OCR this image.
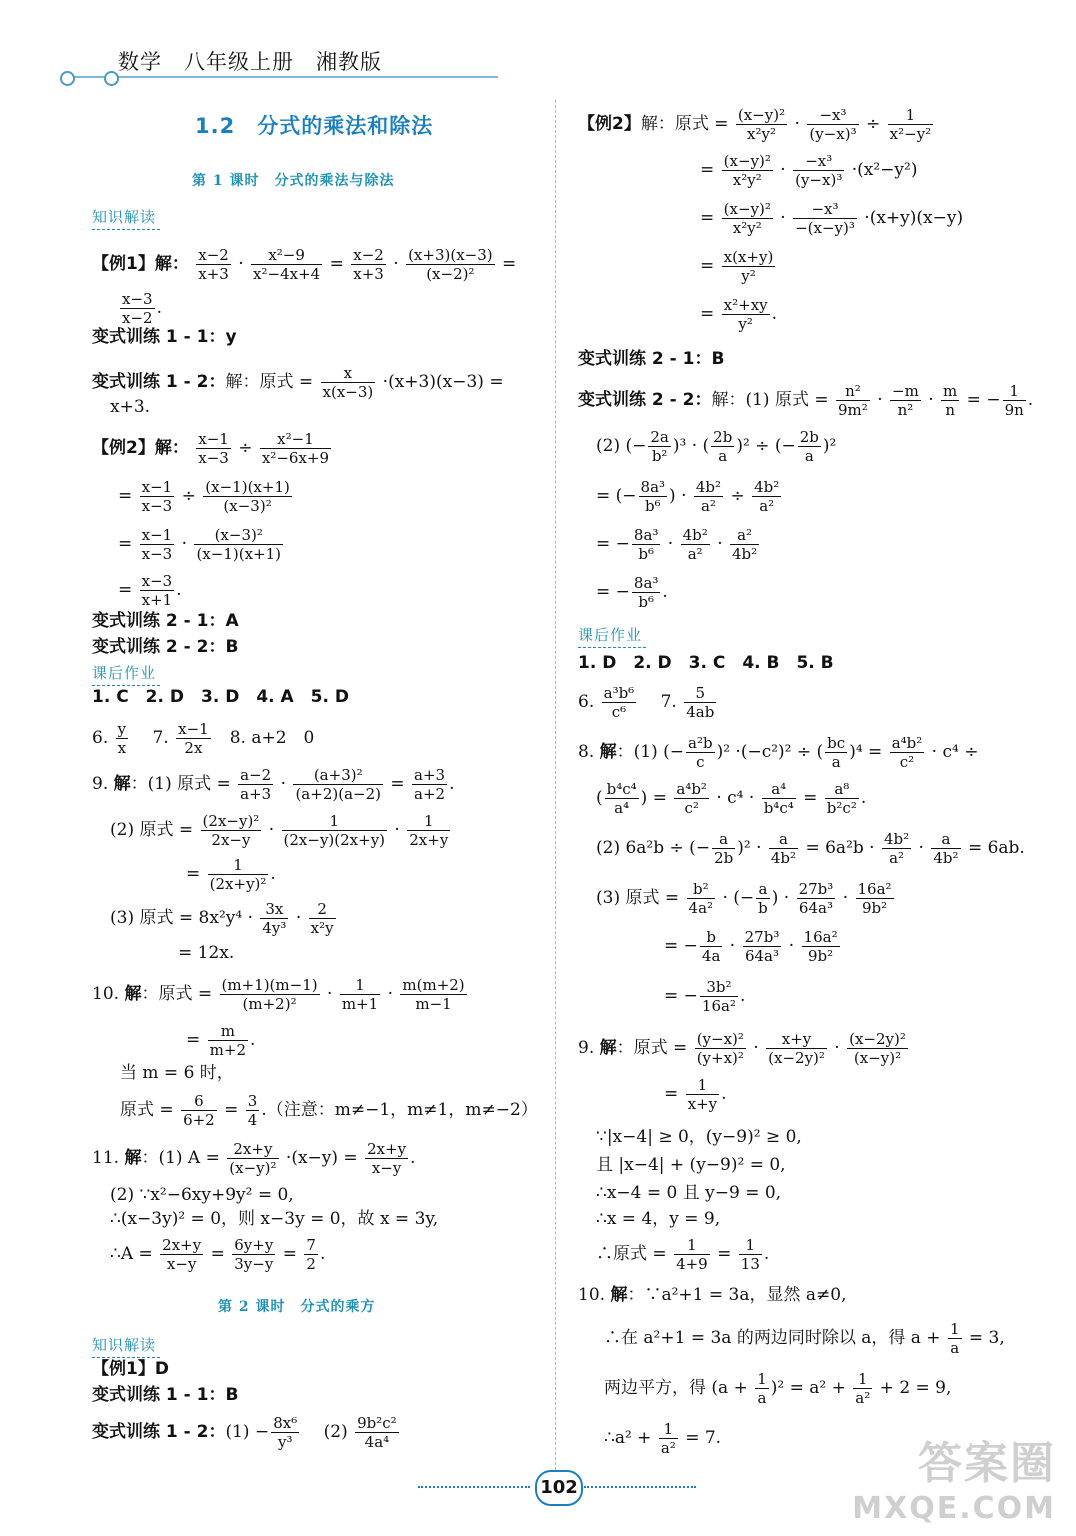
数学　八年级上册　湘教版
1.2　分式的乘法和除法
第 1 课时　分式的乘法与除法
知识解读
【例1】解： $\frac{x-2}{x+3} \cdot \frac{\text{x²−9}}{\text{x²−4x+4}} = \frac{x-2}{x+3} \cdot \frac{(x+3)(x-3)}{\text{(x−2)²}}$ =
$\frac{x-3}{x-2}$ .
变式训练 1 - 1：y
变式训练 1 - 2：解：原式 = $\frac{x}{x(x-3)} \cdot(x+3)(x-3)$ =
x+3.
【例2】解： $\frac{x-1}{x-3} \div \frac{\text{x²−1}}{\text{x²−6x+9}}$
= $\frac{x-1}{x-3} \div \frac{(x-1)(x+1)}{\text{(x−3)²}}$
= $\frac{x-1}{x-3} \cdot \frac{\text{(x−3)²}}{(x-1)(x+1)}$
= $\frac{x-3}{x+1}$ .
变式训练 2 - 1：A
变式训练 2 - 2：B
课后作业
1. C　2. D　3. D　4. A　5. D
6. $\frac{y}{x}$ 　 7. $\frac{x-1}{2x}$ 　8. a+2　0
9. 解：(1) 原式 = $\frac{a-2}{a+3} \cdot \frac{\text{(a+3)²}}{(a+2)(a-2)} = \frac{a+3}{a+2}$ .
(2) 原式 = $\frac{\text{(2x−y)²}}{2x-y} \cdot \frac{1}{(2x-y)(2x+y)} \cdot \frac{1}{2x+y}$
= $\frac{1}{\text{(2x+y)²}}$ .
(3) 原式 = $8x^2y^4 \cdot \frac{3x}{\text{4y³}} \cdot \frac{2}{\text{x²y}}$
= 12x.
10. 解：原式 = $\frac{(m+1)(m-1)}{\text{(m+2)²}} \cdot \frac{1}{m+1} \cdot \frac{m(m+2)}{m-1}$
= $\frac{m}{m+2}$ .
当 m = 6 时，
原式 = $\frac{6}{6+2} = \frac{3}{4}$ .（注意：m≠−1，m≠1，m≠−2）
11. 解：(1) $A = \frac{2x+y}{\text{(x−y)²}} \cdot(x-y) = \frac{2x+y}{x-y}$ .
(2) ∵x²−6xy+9y² = 0,
∴(x−3y)² = 0，则 x−3y = 0，故 x = 3y,
∴A = $\frac{2x+y}{x-y} = \frac{6y+y}{3y-y} = \frac{7}{2}$ .
第 2 课时　分式的乘方
知识解读
【例1】D
变式训练 1 - 1：B
变式训练 1 - 2：$(1) - \frac{\text{8x⁶}}{\text{y³}}$ 　 $(2) \frac{\text{9b²c²}}{\text{4a⁴}}$
【例2】解：原式 = $\frac{\text{(x−y)²}}{\text{x²y²}} \cdot \frac{\text{−x³}}{\text{(y−x)³}} \div \frac{1}{\text{x²−y²}}$
= $\frac{\text{(x−y)²}}{\text{x²y²}} \cdot \frac{\text{−x³}}{\text{(y−x)³}} \cdot(x^2-y^2)$
= $\frac{\text{(x−y)²}}{\text{x²y²}} \cdot \frac{\text{−x³}}{\text{−(x−y)³}} \cdot(x+y)(x-y)$
= $\frac{x(x+y)}{\text{y²}}$
= $\frac{\text{x²+xy}}{\text{y²}}$ .
变式训练 2 - 1：B
变式训练 2 - 2：解：(1) 原式 = $\frac{\text{n²}}{\text{9m²}} \cdot \frac{-m}{\text{n²}} \cdot \frac{m}{n}$ = − $\frac{1}{9n}$ .
(2) (− $\frac{2a}{\text{b²}} )^3$ · ( $\frac{2b}{a} )^2$ ÷ (− $\frac{2b}{a} )^2$
= (− $\frac{\text{8a³}}{\text{b⁶}}$ ) · $\frac{\text{4b²}}{\text{a²}} \div \frac{\text{4b²}}{\text{a²}}$
= − $\frac{\text{8a³}}{\text{b⁶}} \cdot \frac{\text{4b²}}{\text{a²}} \cdot \frac{\text{a²}}{\text{4b²}}$
= − $\frac{\text{8a³}}{\text{b⁶}}$ .
课后作业
1. D　2. D　3. C　4. B　5. B
6. $\frac{\text{a³b⁶}}{\text{c⁶}}$ 　 7. $\frac{5}{4ab}$
8. 解：(1) (− $\frac{\text{a²b}}{c} )^2 \cdot(-c^2)^2$ ÷ ( $\frac{bc}{a} )^4 = \frac{\text{a⁴b²}}{\text{c²}} \cdot c^4$ ÷
( $\frac{\text{b⁴c⁴}}{\text{a⁴}}$ ) = $\frac{\text{a⁴b²}}{\text{c²}} \cdot c^4 \cdot \frac{\text{a⁴}}{\text{b⁴c⁴}} = \frac{\text{a⁸}}{\text{b²c²}}$ .
(2) 6a²b ÷ (− $\frac{a}{2b} )^2 \cdot \frac{a}{\text{4b²}} = 6a^2b \cdot \frac{\text{4b²}}{\text{a²}} \cdot \frac{a}{\text{4b²}} = 6ab$.
(3) 原式 = $\frac{\text{b²}}{\text{4a²}}$ · (− $\frac{a}{b}$ ) · $\frac{\text{27b³}}{\text{64a³}} \cdot \frac{\text{16a²}}{\text{9b²}}$
= − $\frac{b}{4a} \cdot \frac{\text{27b³}}{\text{64a³}} \cdot \frac{\text{16a²}}{\text{9b²}}$
= − $\frac{\text{3b²}}{\text{16a²}}$ .
9. 解：原式 = $\frac{\text{(y−x)²}}{\text{(y+x)²}} \cdot \frac{x+y}{\text{(x−2y)²}} \cdot \frac{\text{(x−2y)²}}{\text{(x−y)²}}$
= $\frac{1}{x+y}$ .
∵|x−4| ≥ 0，(y−9)² ≥ 0,
且 |x−4| + (y−9)² = 0,
∴x−4 = 0 且 y−9 = 0,
∴x = 4，y = 9,
∴原式 = $\frac{1}{4+9} = \frac{1}{13}$ .
10. 解：∵a²+1 = 3a，显然 a≠0,
∴在 a²+1 = 3a 的两边同时除以 a，得 $a + \frac{1}{a} = 3$,
两边平方，得 $(a + \frac{1}{a} )^2 = a^2 + \frac{1}{\text{a²}} + 2 = 9$,
∴a² + $\frac{1}{\text{a²}} = 7$.
102	答案圈
MXQE.COM
